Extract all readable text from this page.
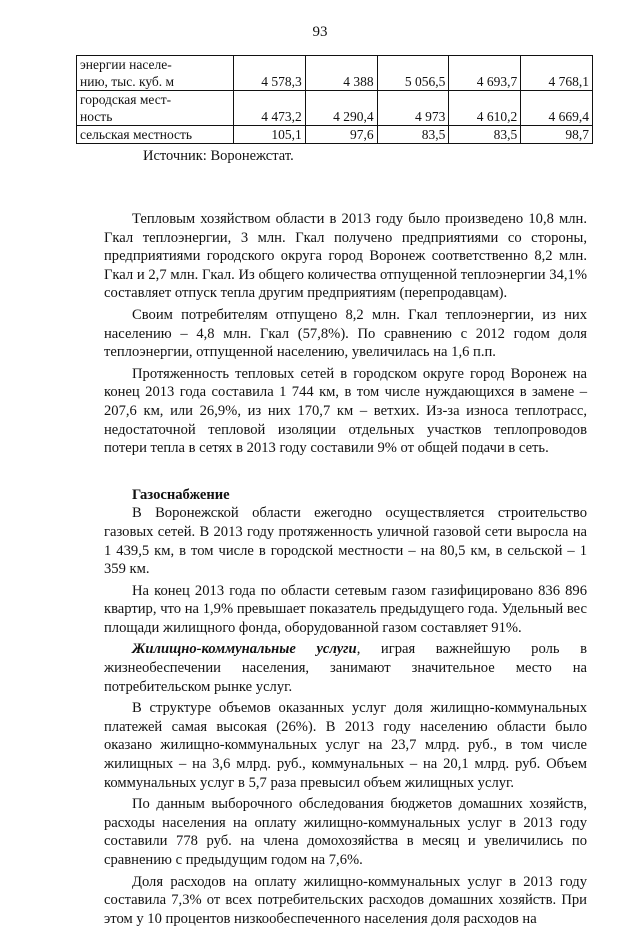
93
энергии населе-
нию, тыс. куб. м	4 578,3	4 388	5 056,5	4 693,7	4 768,1
городская мест-
ность	4 473,2	4 290,4	4 973	4 610,2	4 669,4
сельская местность	105,1	97,6	83,5	83,5	98,7
Источник: Воронежстат.

Тепловым хозяйством области в 2013 году было произведено 10,8 млн. Гкал теплоэнергии, 3 млн. Гкал получено предприятиями со стороны, предприятиями городского округа город Воронеж соответственно 8,2 млн. Гкал и 2,7 млн. Гкал. Из общего количества отпущенной теплоэнергии 34,1% составляет отпуск тепла другим предприятиям (перепродавцам).

Своим потребителям отпущено 8,2 млн. Гкал теплоэнергии, из них населению – 4,8 млн. Гкал (57,8%). По сравнению с 2012 годом доля теплоэнергии, отпущенной населению, увеличилась на 1,6 п.п.

Протяженность тепловых сетей в городском округе город Воронеж на конец 2013 года составила 1 744 км, в том числе нуждающихся в замене – 207,6 км, или 26,9%, из них 170,7 км – ветхих. Из-за износа теплотрасс, недостаточной тепловой изоляции отдельных участков теплопроводов потери тепла в сетях в 2013 году составили 9% от общей подачи в сеть.

Газоснабжение

В Воронежской области ежегодно осуществляется строительство газовых сетей. В 2013 году протяженность уличной газовой сети выросла на 1 439,5 км, в том числе в городской местности – на 80,5 км, в сельской – 1 359 км.

На конец 2013 года по области сетевым газом газифицировано 836 896 квартир, что на 1,9% превышает показатель предыдущего года. Удельный вес площади жилищного фонда, оборудованной газом составляет 91%.

Жилищно-коммунальные услуги, играя важнейшую роль в жизнеобеспечении населения, занимают значительное место на потребительском рынке услуг.

В структуре объемов оказанных услуг доля жилищно-коммунальных платежей самая высокая (26%). В 2013 году населению области было оказано жилищно-коммунальных услуг на 23,7 млрд. руб., в том числе жилищных – на 3,6 млрд. руб., коммунальных – на 20,1 млрд. руб. Объем коммунальных услуг в 5,7 раза превысил объем жилищных услуг.

По данным выборочного обследования бюджетов домашних хозяйств, расходы населения на оплату жилищно-коммунальных услуг в 2013 году составили 778 руб. на члена домохозяйства в месяц и увеличились по сравнению с предыдущим годом на 7,6%.

Доля расходов на оплату жилищно-коммунальных услуг в 2013 году составила 7,3% от всех потребительских расходов домашних хозяйств. При этом у 10 процентов низкообеспеченного населения доля расходов на
